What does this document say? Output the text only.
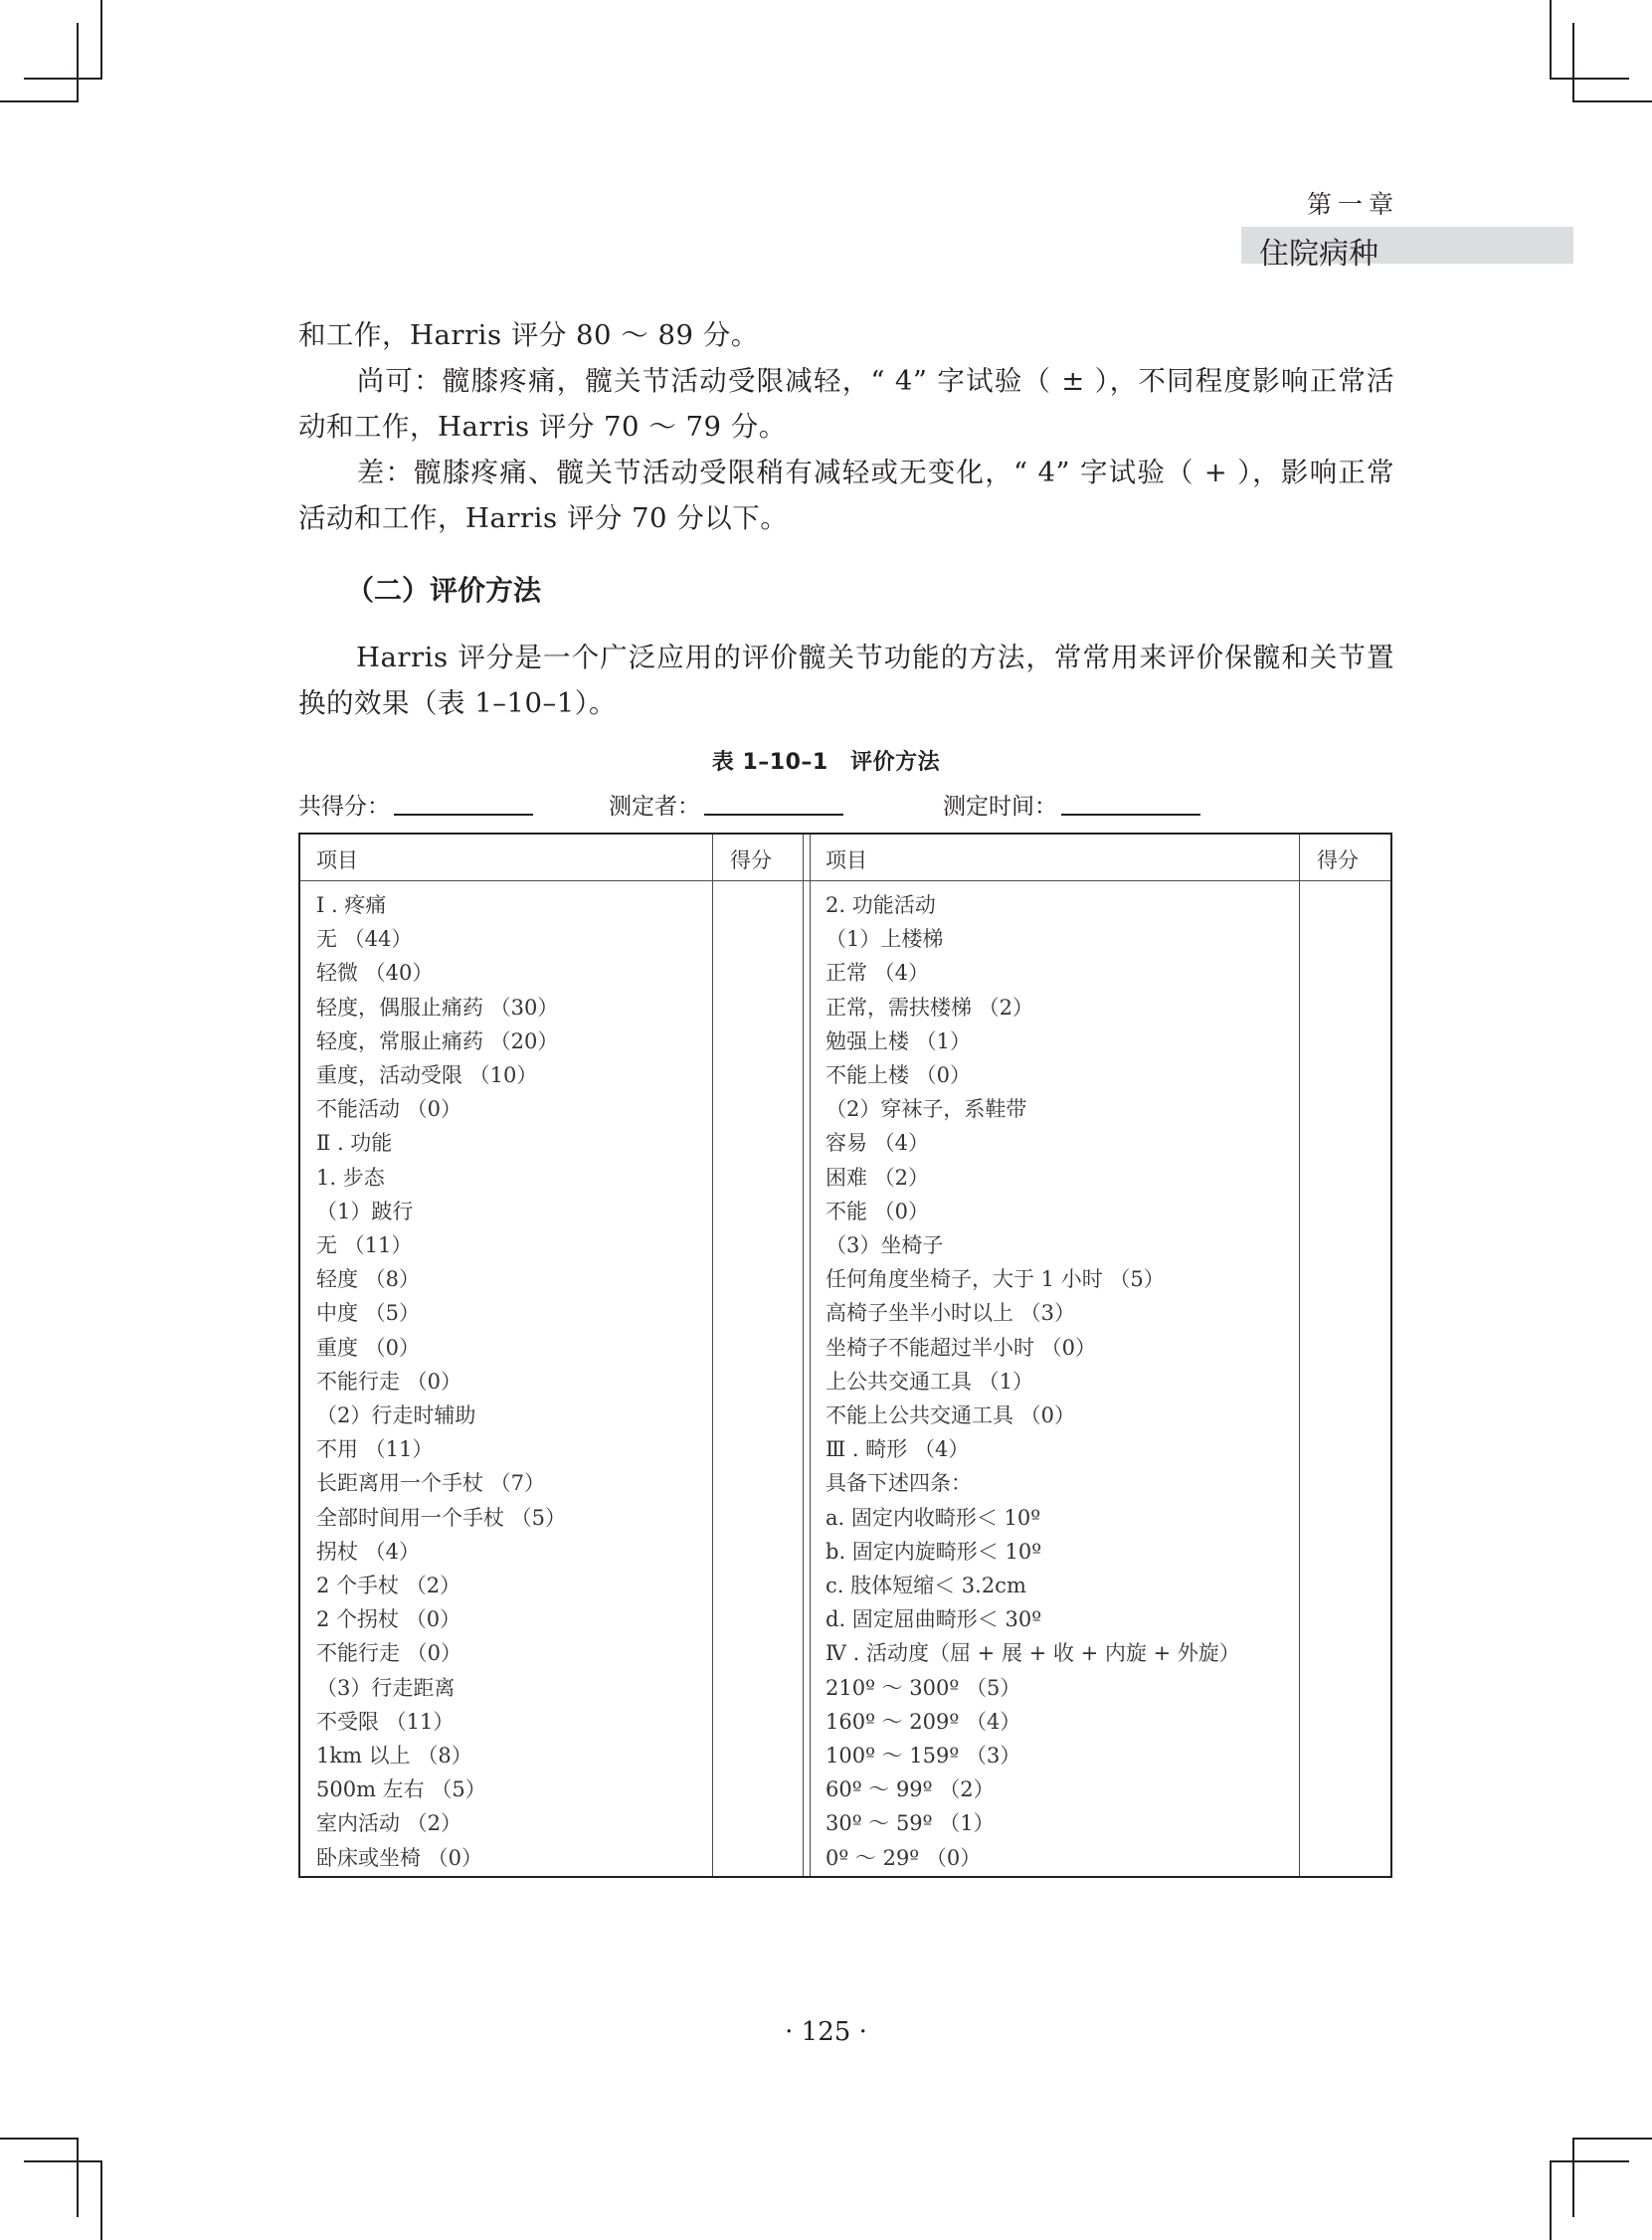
第一章
住院病种
和工作，Harris 评分 80 ～ 89 分。
尚可：髋膝疼痛，髋关节活动受限减轻，“ 4” 字试验（ ± ），不同程度影响正常活动和工作，Harris 评分 70 ～ 79 分。
差：髋膝疼痛、髋关节活动受限稍有减轻或无变化，“ 4” 字试验（ + ），影响正常活动和工作，Harris 评分 70 分以下。
（二）评价方法
Harris 评分是一个广泛应用的评价髋关节功能的方法，常常用来评价保髋和关节置换的效果（表 1–10–1）。
表 1–10–1　评价方法
共得分：	测定者：	测定时间：
项目	得分	项目	得分
Ⅰ . 疼痛
无 （44）
轻微 （40）
轻度，偶服止痛药 （30）
轻度，常服止痛药 （20）
重度，活动受限 （10）
不能活动 （0）
Ⅱ . 功能
1. 步态
（1）跛行
无 （11）
轻度 （8）
中度 （5）
重度 （0）
不能行走 （0）
（2）行走时辅助
不用 （11）
长距离用一个手杖 （7）
全部时间用一个手杖 （5）
拐杖 （4）
2 个手杖 （2）
2 个拐杖 （0）
不能行走 （0）
（3）行走距离
不受限 （11）
1km 以上 （8）
500m 左右 （5）
室内活动 （2）
卧床或坐椅 （0）
2. 功能活动
（1）上楼梯
正常 （4）
正常，需扶楼梯 （2）
勉强上楼 （1）
不能上楼 （0）
（2）穿袜子，系鞋带
容易 （4）
困难 （2）
不能 （0）
（3）坐椅子
任何角度坐椅子，大于 1 小时 （5）
高椅子坐半小时以上 （3）
坐椅子不能超过半小时 （0）
上公共交通工具 （1）
不能上公共交通工具 （0）
Ⅲ . 畸形 （4）
具备下述四条：
a. 固定内收畸形＜ 10º
b. 固定内旋畸形＜ 10º
c. 肢体短缩＜ 3.2cm
d. 固定屈曲畸形＜ 30º
Ⅳ . 活动度（屈 + 展 + 收 + 内旋 + 外旋）
210º ～ 300º （5）
160º ～ 209º （4）
100º ～ 159º （3）
60º ～ 99º （2）
30º ～ 59º （1）
0º ～ 29º （0）
· 125 ·
